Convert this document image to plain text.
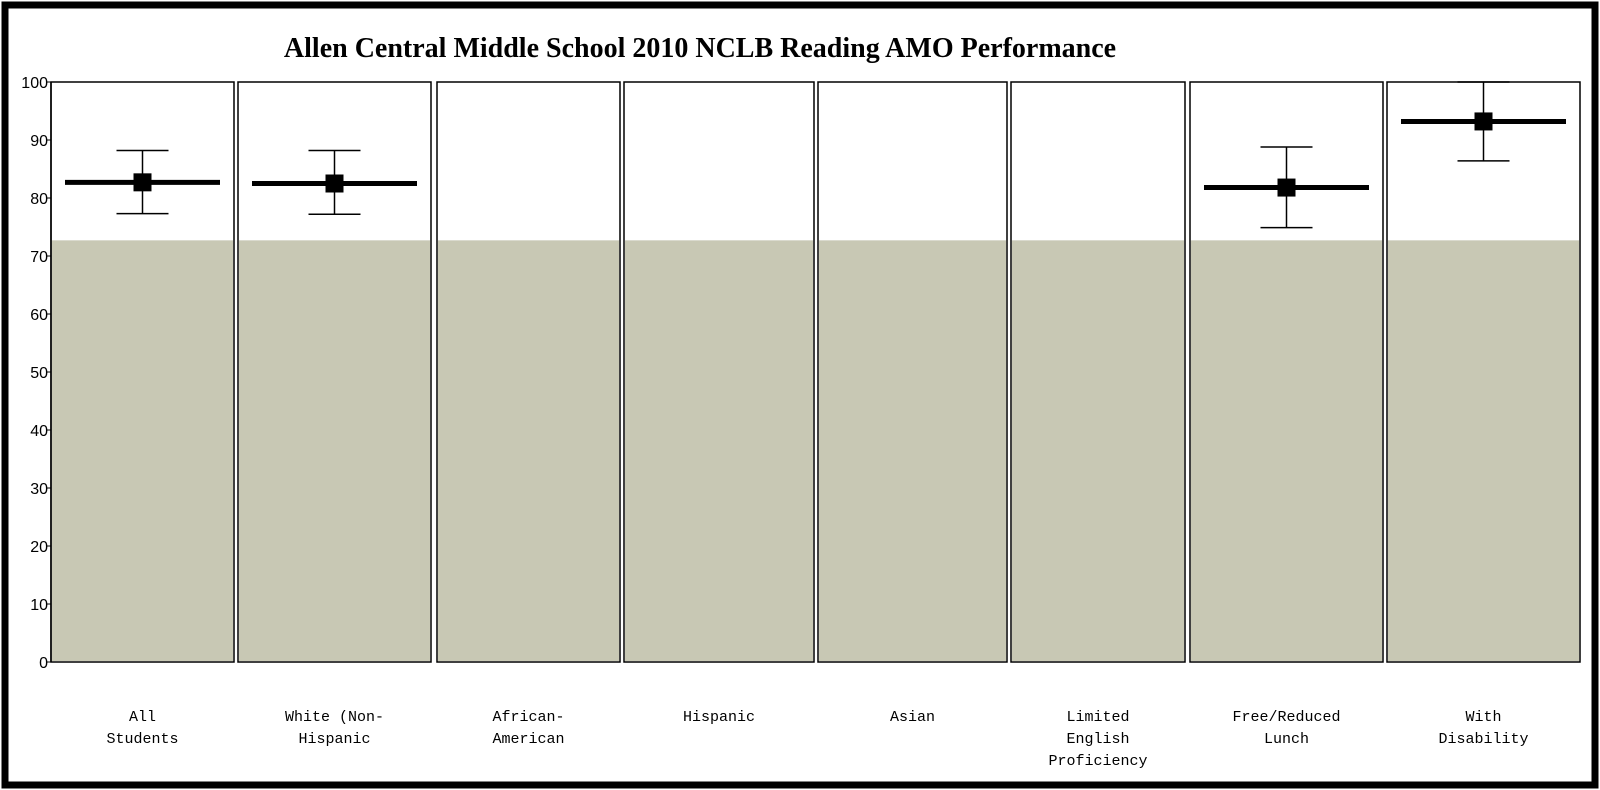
Allen Central Middle School 2010 NCLB Reading AMO Performance
0
10
20
30
40
50
60
70
80
90
100
All Students
White (Non-Hispanic
African-American
Hispanic	Asian	Limited English Proficiency
Free/Reduced Lunch
With Disability
